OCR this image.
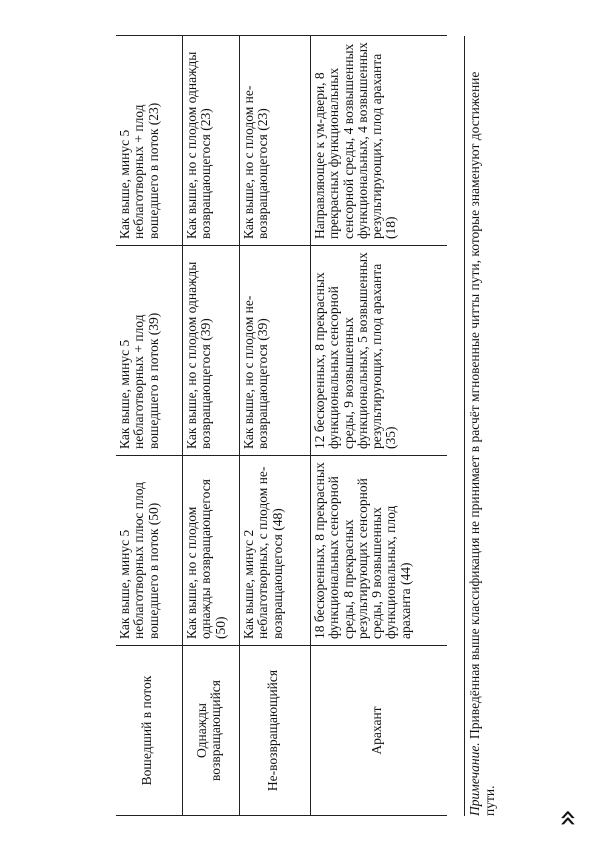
Вошедший в поток	Как выше, минус 5 неблаготворных плюс плод вошедшего в поток (50)	Как выше, минус 5 неблаготворных + плод вошедшего в поток (39)	Как выше, минус 5 неблаготворных + плод вошедшего в поток (23)
Однажды возвращающийся	Как выше, но с плодом однажды возвращающегося (50)	Как выше, но с плодом однажды возвращающегося (39)	Как выше, но с плодом однажды возвращающегося (23)
Не-возвращающийся	Как выше, минус 2 неблаготворных, с плодом не-возвращающегося (48)	Как выше, но с плодом не-возвращающегося (39)	Как выше, но с плодом не-возвращающегося (23)
Арахант	18 бескоренных, 8 прекрасных функциональных сенсорной среды, 8 прекрасных результирующих сенсорной среды, 9 возвышенных функциональных, плод араханта (44)	12 бескоренных, 8 прекрасных функциональных сенсорной среды, 9 возвышенных функциональных, 5 возвышенных результирующих, плод араханта (35)	Направляющее к ум-двери, 8 прекрасных функциональных сенсорной среды, 4 возвышенных функциональных, 4 возвышенных результирующих, плод араханта (18)
Примечание. Приведённая выше классификация не принимает в расчёт мгновенные читты пути, которые знаменуют достижение пути.
«
